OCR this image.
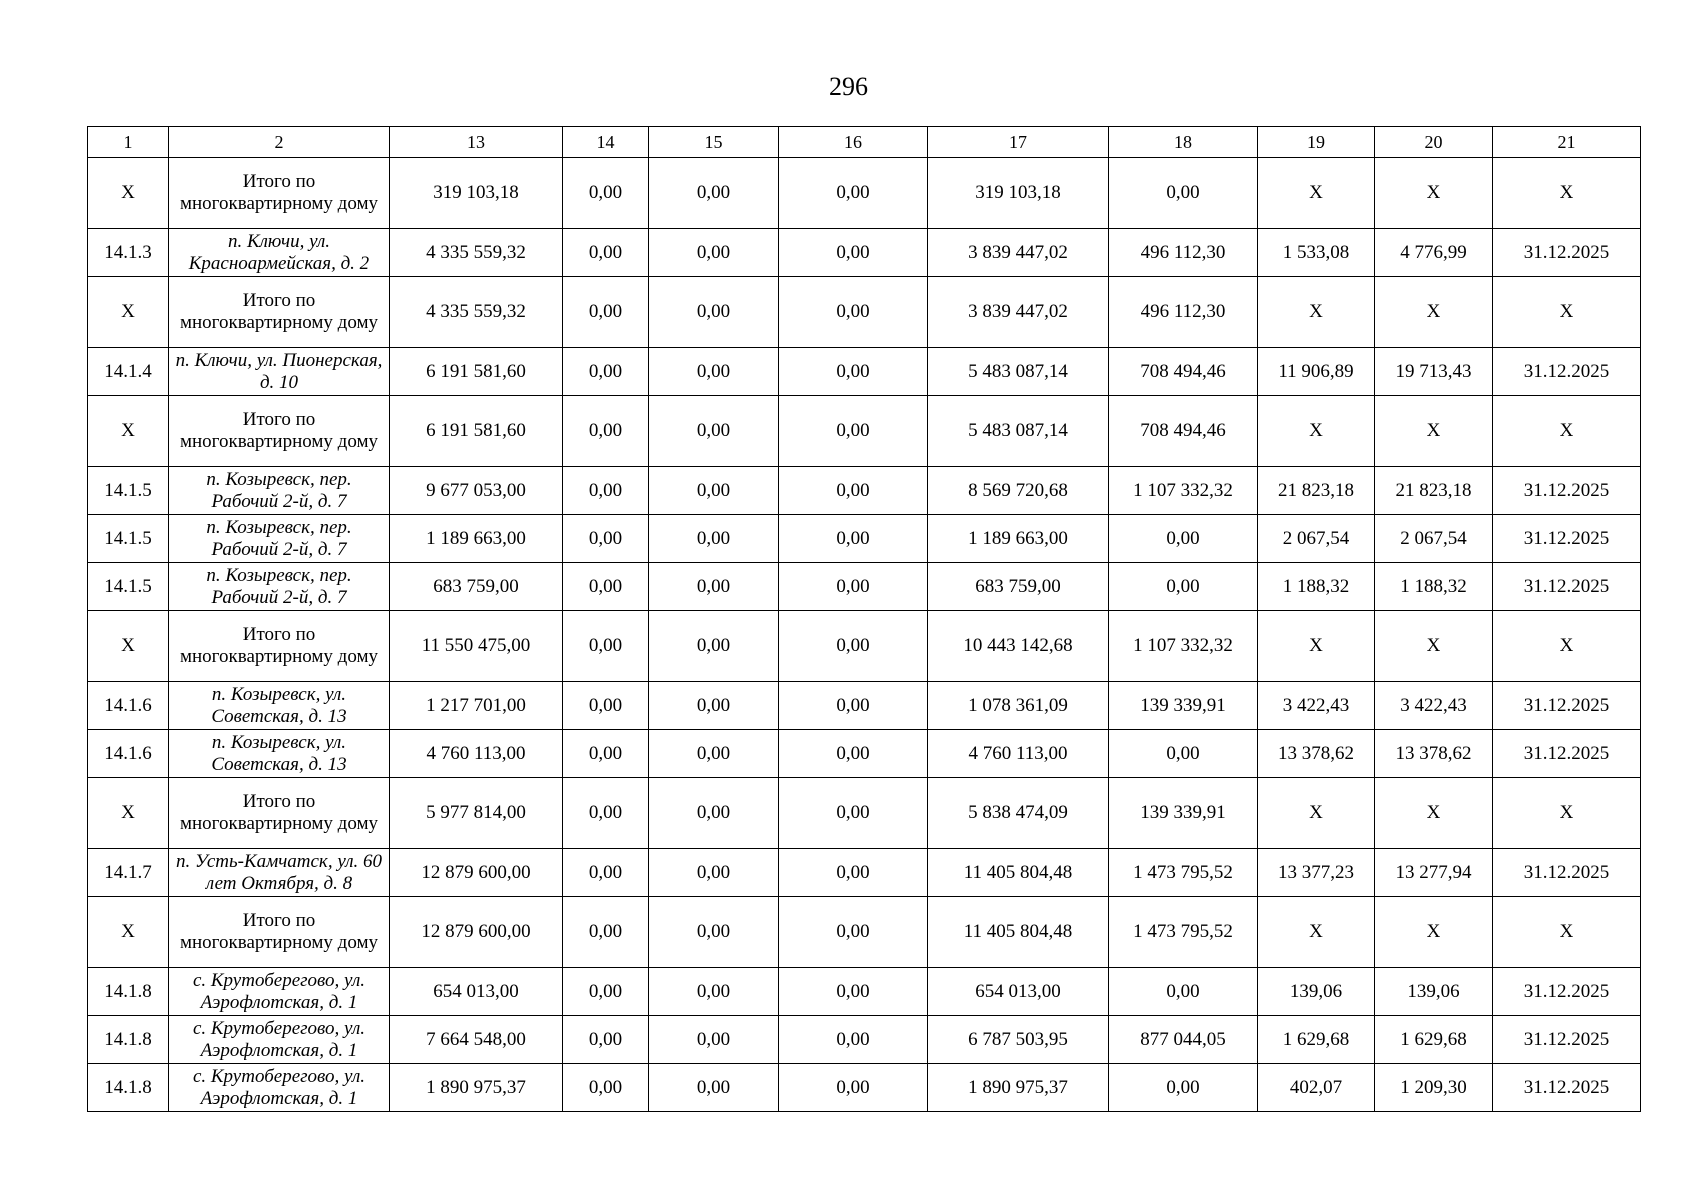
296
1	2	13	14	15	16	17	18	19	20	21
X	Итого по многоквартирному дому	319 103,18	0,00	0,00	0,00	319 103,18	0,00	X	X	X
14.1.3	п. Ключи, ул. Красноармейская, д. 2	4 335 559,32	0,00	0,00	0,00	3 839 447,02	496 112,30	1 533,08	4 776,99	31.12.2025
X	Итого по многоквартирному дому	4 335 559,32	0,00	0,00	0,00	3 839 447,02	496 112,30	X	X	X
14.1.4	п. Ключи, ул. Пионерская, д. 10	6 191 581,60	0,00	0,00	0,00	5 483 087,14	708 494,46	11 906,89	19 713,43	31.12.2025
X	Итого по многоквартирному дому	6 191 581,60	0,00	0,00	0,00	5 483 087,14	708 494,46	X	X	X
14.1.5	п. Козыревск, пер. Рабочий 2-й, д. 7	9 677 053,00	0,00	0,00	0,00	8 569 720,68	1 107 332,32	21 823,18	21 823,18	31.12.2025
14.1.5	п. Козыревск, пер. Рабочий 2-й, д. 7	1 189 663,00	0,00	0,00	0,00	1 189 663,00	0,00	2 067,54	2 067,54	31.12.2025
14.1.5	п. Козыревск, пер. Рабочий 2-й, д. 7	683 759,00	0,00	0,00	0,00	683 759,00	0,00	1 188,32	1 188,32	31.12.2025
X	Итого по многоквартирному дому	11 550 475,00	0,00	0,00	0,00	10 443 142,68	1 107 332,32	X	X	X
14.1.6	п. Козыревск, ул. Советская, д. 13	1 217 701,00	0,00	0,00	0,00	1 078 361,09	139 339,91	3 422,43	3 422,43	31.12.2025
14.1.6	п. Козыревск, ул. Советская, д. 13	4 760 113,00	0,00	0,00	0,00	4 760 113,00	0,00	13 378,62	13 378,62	31.12.2025
X	Итого по многоквартирному дому	5 977 814,00	0,00	0,00	0,00	5 838 474,09	139 339,91	X	X	X
14.1.7	п. Усть-Камчатск, ул. 60 лет Октября, д. 8	12 879 600,00	0,00	0,00	0,00	11 405 804,48	1 473 795,52	13 377,23	13 277,94	31.12.2025
X	Итого по многоквартирному дому	12 879 600,00	0,00	0,00	0,00	11 405 804,48	1 473 795,52	X	X	X
14.1.8	с. Крутоберегово, ул. Аэрофлотская, д. 1	654 013,00	0,00	0,00	0,00	654 013,00	0,00	139,06	139,06	31.12.2025
14.1.8	с. Крутоберегово, ул. Аэрофлотская, д. 1	7 664 548,00	0,00	0,00	0,00	6 787 503,95	877 044,05	1 629,68	1 629,68	31.12.2025
14.1.8	с. Крутоберегово, ул. Аэрофлотская, д. 1	1 890 975,37	0,00	0,00	0,00	1 890 975,37	0,00	402,07	1 209,30	31.12.2025
